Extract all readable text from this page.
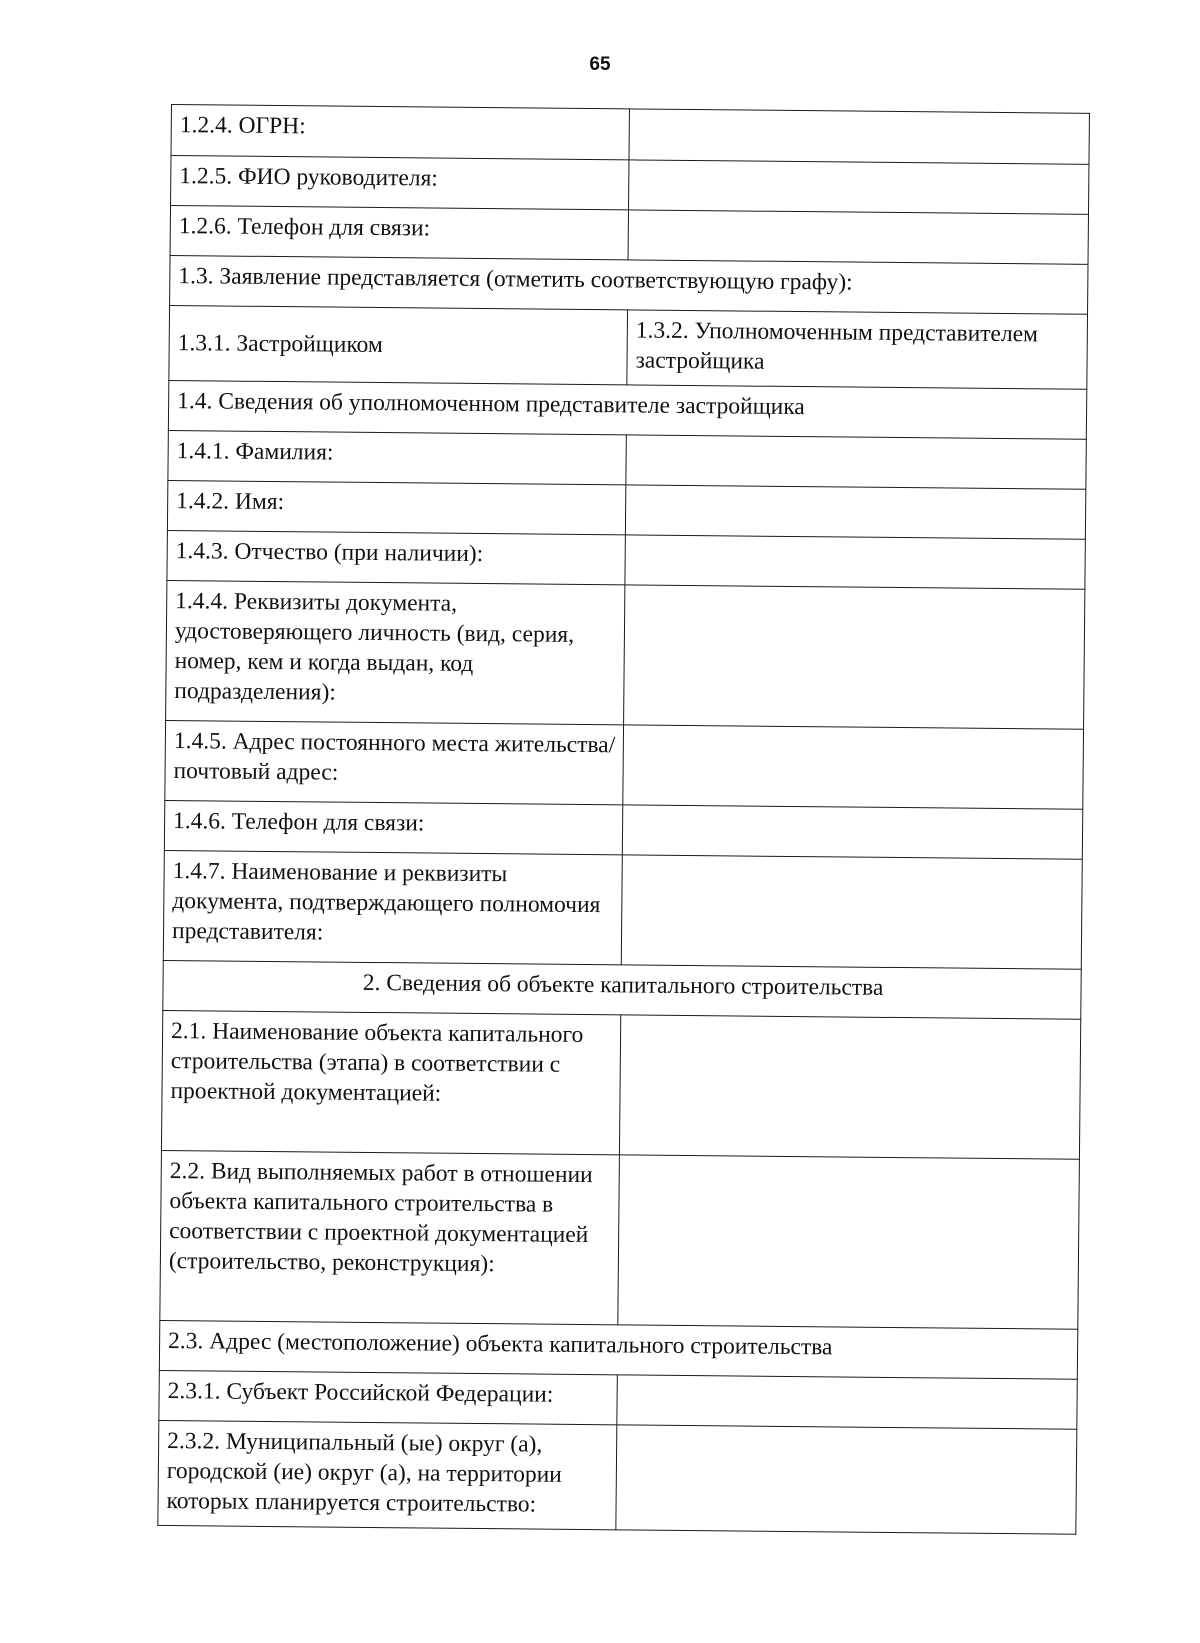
65
1.2.4. ОГРН:	
1.2.5. ФИО руководителя:	
1.2.6. Телефон для связи:	
1.3. Заявление представляется (отметить соответствующую графу):	
1.3.1. Застройщиком	1.3.2. Уполномоченным представителем застройщика
1.4. Сведения об уполномоченном представителе застройщика	
1.4.1. Фамилия:	
1.4.2. Имя:	
1.4.3. Отчество (при наличии):	
1.4.4. Реквизиты документа, удостоверяющего личность (вид, серия, номер, кем и когда выдан, код подразделения):	
1.4.5. Адрес постоянного места жительства/почтовый адрес:	
1.4.6. Телефон для связи:	
1.4.7. Наименование и реквизиты документа, подтверждающего полномочия представителя:	
2. Сведения об объекте капитального строительства	
2.1. Наименование объекта капитального строительства (этапа) в соответствии с проектной документацией:	
2.2. Вид выполняемых работ в отношении объекта капитального строительства в соответствии с проектной документацией (строительство, реконструкция):	
2.3. Адрес (местоположение) объекта капитального строительства	
2.3.1. Субъект Российской Федерации:	
2.3.2. Муниципальный (ые) округ (а), городской (ие) округ (а), на территории которых планируется строительство:	
